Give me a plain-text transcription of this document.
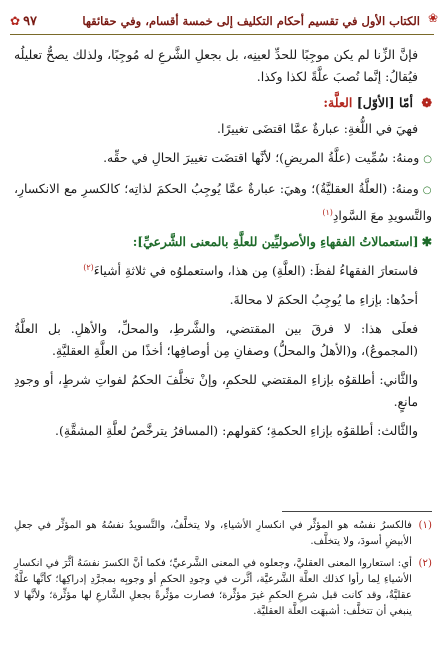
❀
الكتاب الأول في تقسيم أحكام التكليف إلى خمسة أقسام، وفي حقائقها
✿ ٩٧

فإنَّ الزِّنا لم يكن موجِبًا للحدِّ لعينِه، بل بجعلِ الشَّرعِ له مُوجِبًا، ولذلك يصحُّ تعليلُه فيُقالُ: إنَّما نُصبَ علَّةً لكذا وكذا.

❁ أمّا [الأوّل] العلَّة:

فهيَ في اللُّغةِ: عبارةٌ عمَّا اقتضَى تغييرًا.

○ومنهُ: سُمِّيت (علَّةُ المريضِ)؛ لأنَّها اقتضَت تغييرَ الحالِ في حقِّه.

○ومنهُ: (العلَّةُ العقليَّةُ)؛ وهيَ: عبارةٌ عمَّا يُوجِبُ الحكمَ لذاتِه؛ كالكسرِ مع الانكسارِ، والتَّسويدِ معَ السَّوادِ$^{(١)}$

✱[استعمالاتُ الفقهاءِ والأصوليِّين للعلَّةِ بالمعنى الشَّرعيِّ]:

فاستعارَ الفقهاءُ لفظَ: (العلَّةِ) مِن هذا، واستعملوُه في ثلاثةِ أشياءَ$^{(٢)}$

أحدُها: بإزاءِ ما يُوجِبُ الحكمَ لا محالةَ.

فعلَى هذا: لا فرقَ بين المقتضي، والشَّرطِ، والمحلِّ، والأهلِ. بل العلَّةُ (المجموعُ)، و(الأهلُ والمحلُّ) وصفانِ مِن أوصافِها؛ أخذًا من العلَّةِ العقليَّةِ.

والثَّاني: أطلقوُه بإزاءِ المقتضي للحكمِ، وإنْ تخلَّفَ الحكمُ لفواتِ شرطٍ، أو وجودِ مانعٍ.

والثَّالث: أطلقوُه بإزاءِ الحكمةِ؛ كقولهم: (المسافرُ يترخَّصُ لعلَّةِ المشقَّةِ).

(١)
فالكسرُ نفسُه هو المؤثِّر في انكسارِ الأشياءِ، ولا يتخلَّفُ، والتَّسويدُ نفسُهُ هو المؤثِّر في جعلِ الأبيضِ أسودَ، ولا يتخلَّف.
(٢)
أي: استعاروا المعنى العقليَّ، وجعلوه في المعنى الشَّرعيِّ؛ فكما أنَّ الكسرَ نفسَهُ أثَّرَ في انكسارِ الأشياءِ لِما رأوا كذلك العلَّة الشَّرعيَّة، أثَّرت في وجودِ الحكمِ أو وجوبِه بمجرَّدِ إدراكِها؛ كأنَّها علَّةٌ عقليَّةٌ، وقد كانت قبل شرعِ الحكمِ غيرَ مؤثِّرة؛ فصارت مؤثِّرةً بجعلِ الشَّارعِ لها مؤثِّرة؛ ولأنَّها لا ينبغي أن تتخلَّف: أشبهَت العلَّة العقليَّة.
